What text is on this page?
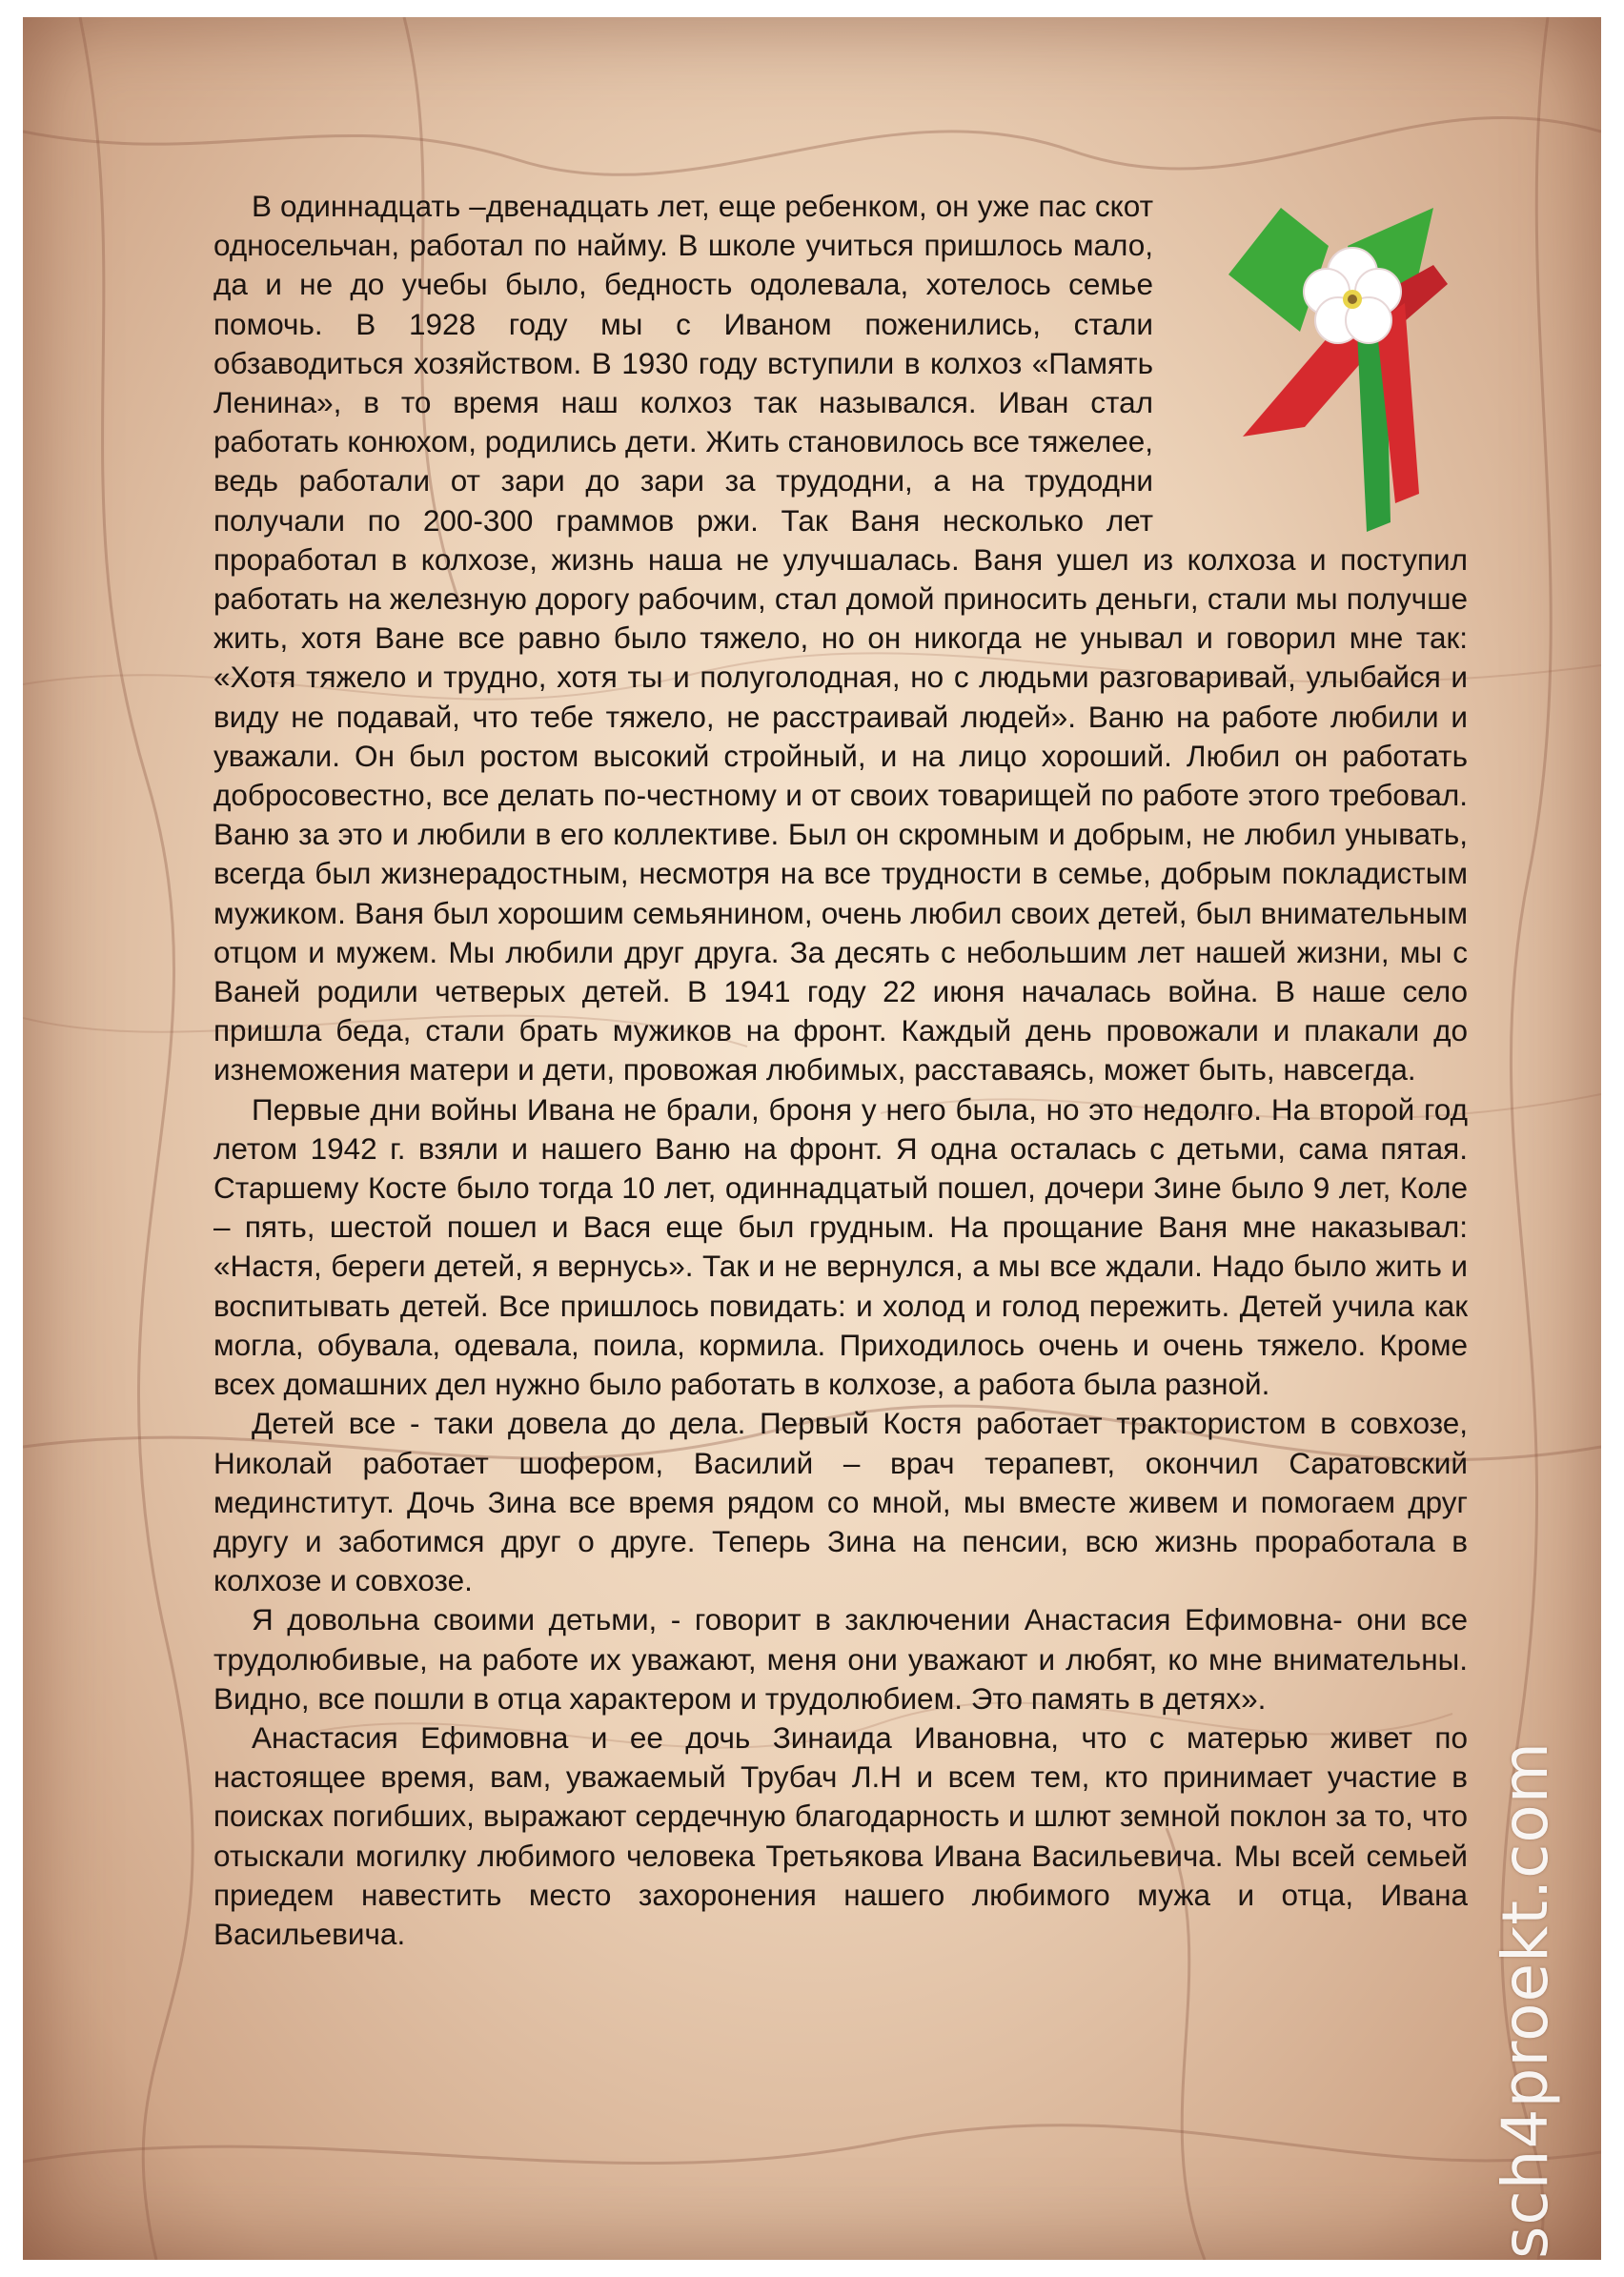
В одиннадцать –двенадцать лет, еще ребенком, он уже пас скот односельчан, работал по найму. В школе учиться пришлось мало, да и не до учебы было, бедность одолевала, хотелось семье помочь. В 1928 году мы с Иваном поженились, стали обзаводиться хозяйством. В 1930 году вступили в колхоз «Память Ленина», в то время наш колхоз так назывался. Иван стал работать конюхом, родились дети. Жить становилось все тяжелее, ведь работали от зари до зари за трудодни, а на трудодни получали по 200-300 граммов ржи. Так Ваня несколько лет проработал в колхозе, жизнь наша не улучшалась. Ваня ушел из колхоза и поступил работать на железную дорогу рабочим, стал домой приносить деньги, стали мы получше жить, хотя Ване все равно было тяжело, но он никогда не унывал и говорил мне так: «Хотя тяжело и трудно, хотя ты и полуголодная, но с людьми разговаривай, улыбайся и виду не подавай, что тебе тяжело, не расстраивай людей». Ваню на работе любили и уважали. Он был ростом высокий стройный, и на лицо хороший. Любил он работать добросовестно, все делать по-честному и от своих товарищей по работе этого требовал. Ваню за это и любили в его коллективе. Был он скромным и добрым, не любил унывать, всегда был жизнерадостным, несмотря на все трудности в семье, добрым покладистым мужиком. Ваня был хорошим семьянином, очень любил своих детей, был внимательным отцом и мужем. Мы любили друг друга. За десять с небольшим лет нашей жизни, мы с Ваней родили четверых детей. В 1941 году 22 июня началась война. В наше село пришла беда, стали брать мужиков на фронт. Каждый день провожали и плакали до изнеможения матери и дети, провожая любимых, расставаясь, может быть, навсегда.

Первые дни войны Ивана не брали, броня у него была, но это недолго. На второй год летом 1942 г. взяли и нашего Ваню на фронт. Я одна осталась с детьми, сама пятая. Старшему Косте было тогда 10 лет, одиннадцатый пошел, дочери Зине было 9 лет, Коле – пять, шестой пошел и Вася еще был грудным. На прощание Ваня мне наказывал: «Настя, береги детей, я вернусь». Так и не вернулся, а мы все ждали. Надо было жить и воспитывать детей. Все пришлось повидать: и холод и голод пережить. Детей учила как могла, обувала, одевала, поила, кормила. Приходилось очень и очень тяжело. Кроме всех домашних дел нужно было работать в колхозе, а работа была разной.

Детей все - таки довела до дела. Первый Костя работает трактористом в совхозе, Николай работает шофером, Василий – врач терапевт, окончил Саратовский мединститут. Дочь Зина все время рядом со мной, мы вместе живем и помогаем друг другу и заботимся друг о друге. Теперь Зина на пенсии, всю жизнь проработала в колхозе и совхозе.

Я довольна своими детьми, - говорит в заключении Анастасия Ефимовна- они все трудолюбивые, на работе их уважают, меня они уважают и любят, ко мне внимательны. Видно, все пошли в отца характером и трудолюбием. Это память в детях».

Анастасия Ефимовна и ее дочь Зинаида Ивановна, что с матерью живет по настоящее время, вам, уважаемый Трубач Л.Н и всем тем, кто принимает участие в поисках погибших, выражают сердечную благодарность и шлют земной поклон за то, что отыскали могилку любимого человека Третьякова Ивана Васильевича. Мы всей семьей приедем навестить место захоронения нашего любимого мужа и отца, Ивана Васильевича.	sch4proekt.com
